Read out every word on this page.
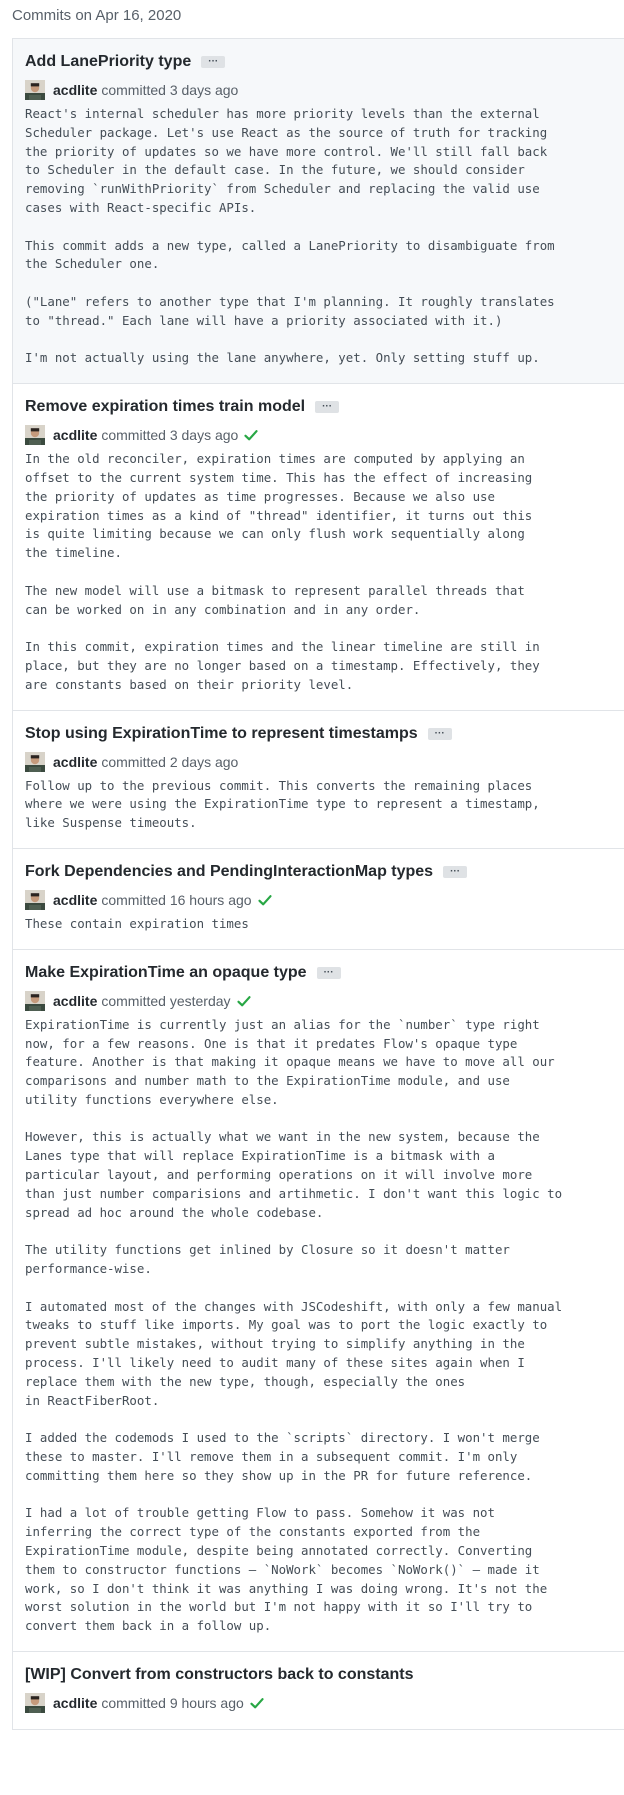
Commits on Apr 16, 2020
Add LanePriority type	···
acdlite committed
3 days ago
React's internal scheduler has more priority levels than the external
Scheduler package. Let's use React as the source of truth for tracking
the priority of updates so we have more control. We'll still fall back
to Scheduler in the default case. In the future, we should consider
removing `runWithPriority` from Scheduler and replacing the valid use
cases with React-specific APIs.

This commit adds a new type, called a LanePriority to disambiguate from
the Scheduler one.

("Lane" refers to another type that I'm planning. It roughly translates
to "thread." Each lane will have a priority associated with it.)

I'm not actually using the lane anywhere, yet. Only setting stuff up.
Remove expiration times train model	···
acdlite committed
3 days ago
In the old reconciler, expiration times are computed by applying an
offset to the current system time. This has the effect of increasing
the priority of updates as time progresses. Because we also use
expiration times as a kind of "thread" identifier, it turns out this
is quite limiting because we can only flush work sequentially along
the timeline.

The new model will use a bitmask to represent parallel threads that
can be worked on in any combination and in any order.

In this commit, expiration times and the linear timeline are still in
place, but they are no longer based on a timestamp. Effectively, they
are constants based on their priority level.
Stop using ExpirationTime to represent timestamps	···
acdlite committed
2 days ago
Follow up to the previous commit. This converts the remaining places
where we were using the ExpirationTime type to represent a timestamp,
like Suspense timeouts.
Fork Dependencies and PendingInteractionMap types	···
acdlite committed
16 hours ago
These contain expiration times
Make ExpirationTime an opaque type	···
acdlite committed
yesterday
ExpirationTime is currently just an alias for the `number` type right
now, for a few reasons. One is that it predates Flow's opaque type
feature. Another is that making it opaque means we have to move all our
comparisons and number math to the ExpirationTime module, and use
utility functions everywhere else.

However, this is actually what we want in the new system, because the
Lanes type that will replace ExpirationTime is a bitmask with a
particular layout, and performing operations on it will involve more
than just number comparisions and artihmetic. I don't want this logic to
spread ad hoc around the whole codebase.

The utility functions get inlined by Closure so it doesn't matter
performance-wise.

I automated most of the changes with JSCodeshift, with only a few manual
tweaks to stuff like imports. My goal was to port the logic exactly to
prevent subtle mistakes, without trying to simplify anything in the
process. I'll likely need to audit many of these sites again when I
replace them with the new type, though, especially the ones
in ReactFiberRoot.

I added the codemods I used to the `scripts` directory. I won't merge
these to master. I'll remove them in a subsequent commit. I'm only
committing them here so they show up in the PR for future reference.

I had a lot of trouble getting Flow to pass. Somehow it was not
inferring the correct type of the constants exported from the
ExpirationTime module, despite being annotated correctly. Converting
them to constructor functions — `NoWork` becomes `NoWork()` — made it
work, so I don't think it was anything I was doing wrong. It's not the
worst solution in the world but I'm not happy with it so I'll try to
convert them back in a follow up.
[WIP] Convert from constructors back to constants
acdlite committed
9 hours ago
